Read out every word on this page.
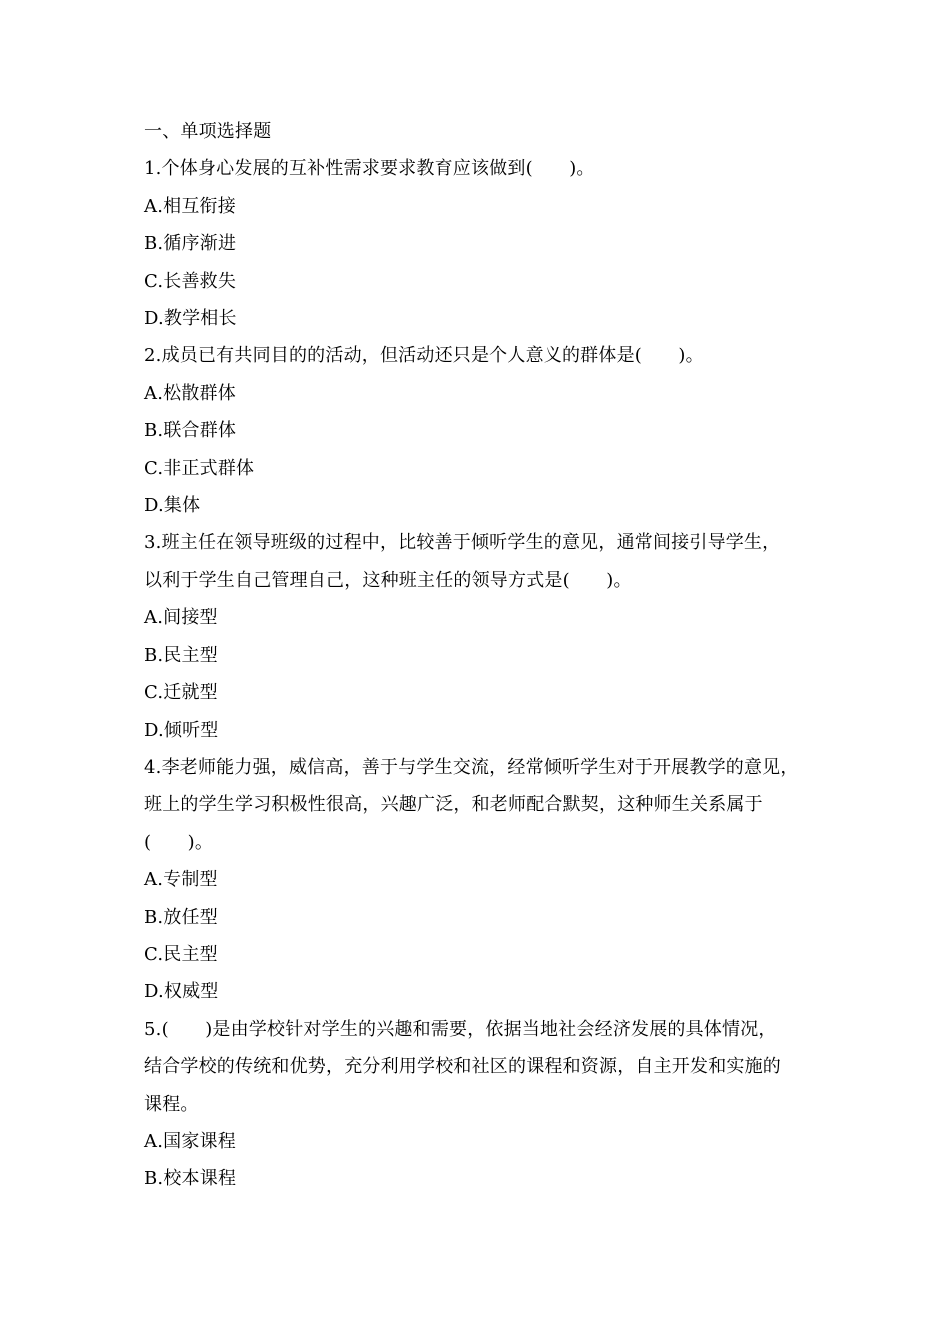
一、单项选择题
1.个体身心发展的互补性需求要求教育应该做到(　　)。
A.相互衔接
B.循序渐进
C.长善救失
D.教学相长
2.成员已有共同目的的活动，但活动还只是个人意义的群体是(　　)。
A.松散群体
B.联合群体
C.非正式群体
D.集体
3.班主任在领导班级的过程中，比较善于倾听学生的意见，通常间接引导学生，
以利于学生自己管理自己，这种班主任的领导方式是(　　)。
A.间接型
B.民主型
C.迁就型
D.倾听型
4.李老师能力强，威信高，善于与学生交流，经常倾听学生对于开展教学的意见，
班上的学生学习积极性很高，兴趣广泛，和老师配合默契，这种师生关系属于
(　　)。
A.专制型
B.放任型
C.民主型
D.权威型
5.(　　)是由学校针对学生的兴趣和需要，依据当地社会经济发展的具体情况，
结合学校的传统和优势，充分利用学校和社区的课程和资源，自主开发和实施的
课程。
A.国家课程
B.校本课程
